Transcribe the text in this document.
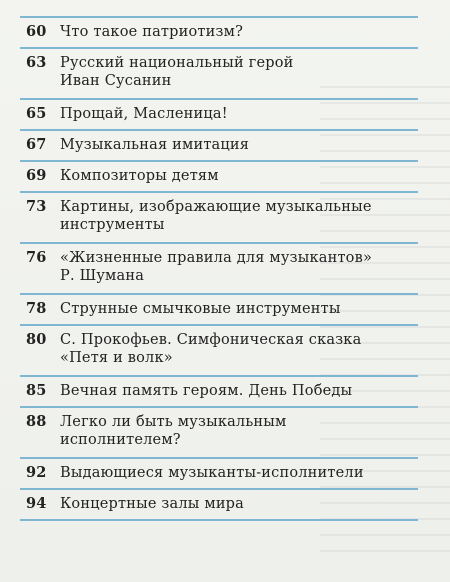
60 Что такое патриотизм?
63 Русский национальный герой
Иван Сусанин
65 Прощай, Масленица!
67 Музыкальная имитация
69 Композиторы детям
73 Картины, изображающие музыкальные
инструменты
76 «Жизненные правила для музыкантов»
Р. Шумана
78 Струнные смычковые инструменты
80 С. Прокофьев. Симфоническая сказка
«Петя и волк»
85 Вечная память героям. День Победы
88 Легко ли быть музыкальным
исполнителем?
92 Выдающиеся музыканты-исполнители
94 Концертные залы мира
